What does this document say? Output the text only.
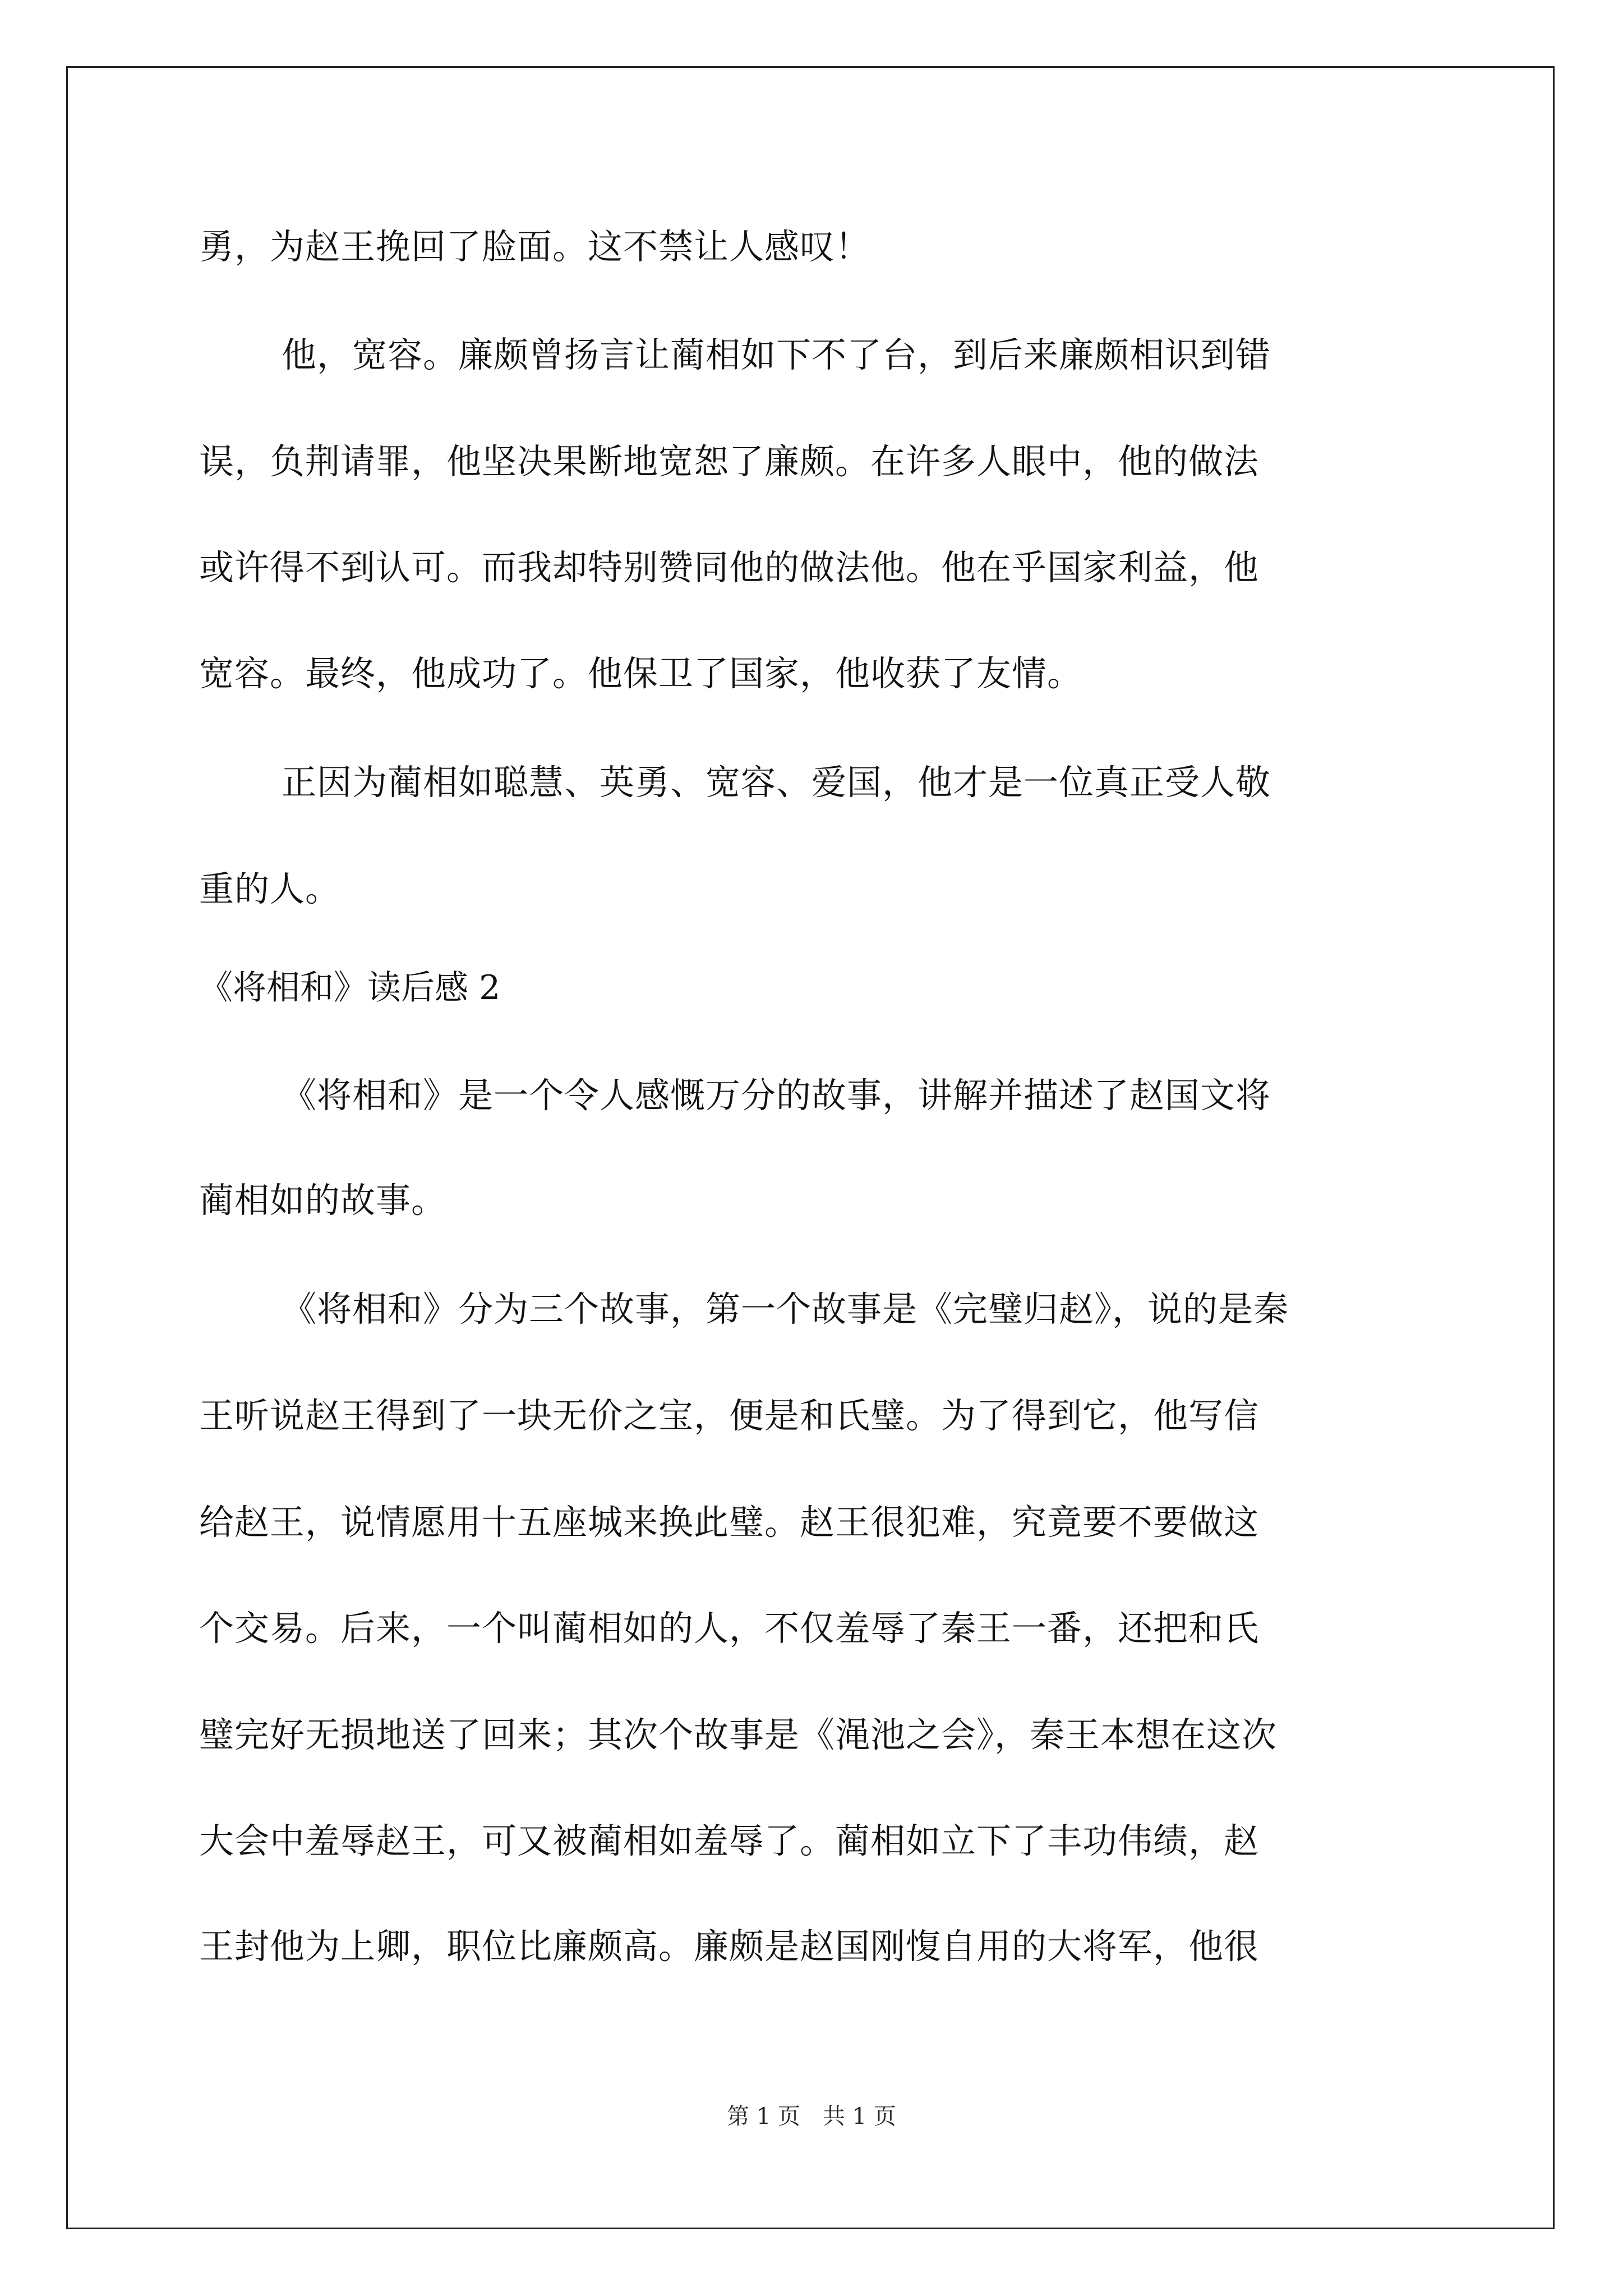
勇，为赵王挽回了脸面。这不禁让人感叹！
他，宽容。廉颇曾扬言让蔺相如下不了台，到后来廉颇相识到错
误，负荆请罪，他坚决果断地宽恕了廉颇。在许多人眼中，他的做法
或许得不到认可。而我却特别赞同他的做法他。他在乎国家利益，他
宽容。最终，他成功了。他保卫了国家，他收获了友情。
正因为蔺相如聪慧、英勇、宽容、爱国，他才是一位真正受人敬
重的人。
《将相和》读后感 2
《将相和》是一个令人感慨万分的故事，讲解并描述了赵国文将
蔺相如的故事。
《将相和》分为三个故事，第一个故事是《完璧归赵》，说的是秦
王听说赵王得到了一块无价之宝，便是和氏璧。为了得到它，他写信
给赵王，说情愿用十五座城来换此璧。赵王很犯难，究竟要不要做这
个交易。后来，一个叫蔺相如的人，不仅羞辱了秦王一番，还把和氏
璧完好无损地送了回来；其次个故事是《渑池之会》，秦王本想在这次
大会中羞辱赵王，可又被蔺相如羞辱了。蔺相如立下了丰功伟绩，赵
王封他为上卿，职位比廉颇高。廉颇是赵国刚愎自用的大将军，他很
第 1 页　共 1 页
